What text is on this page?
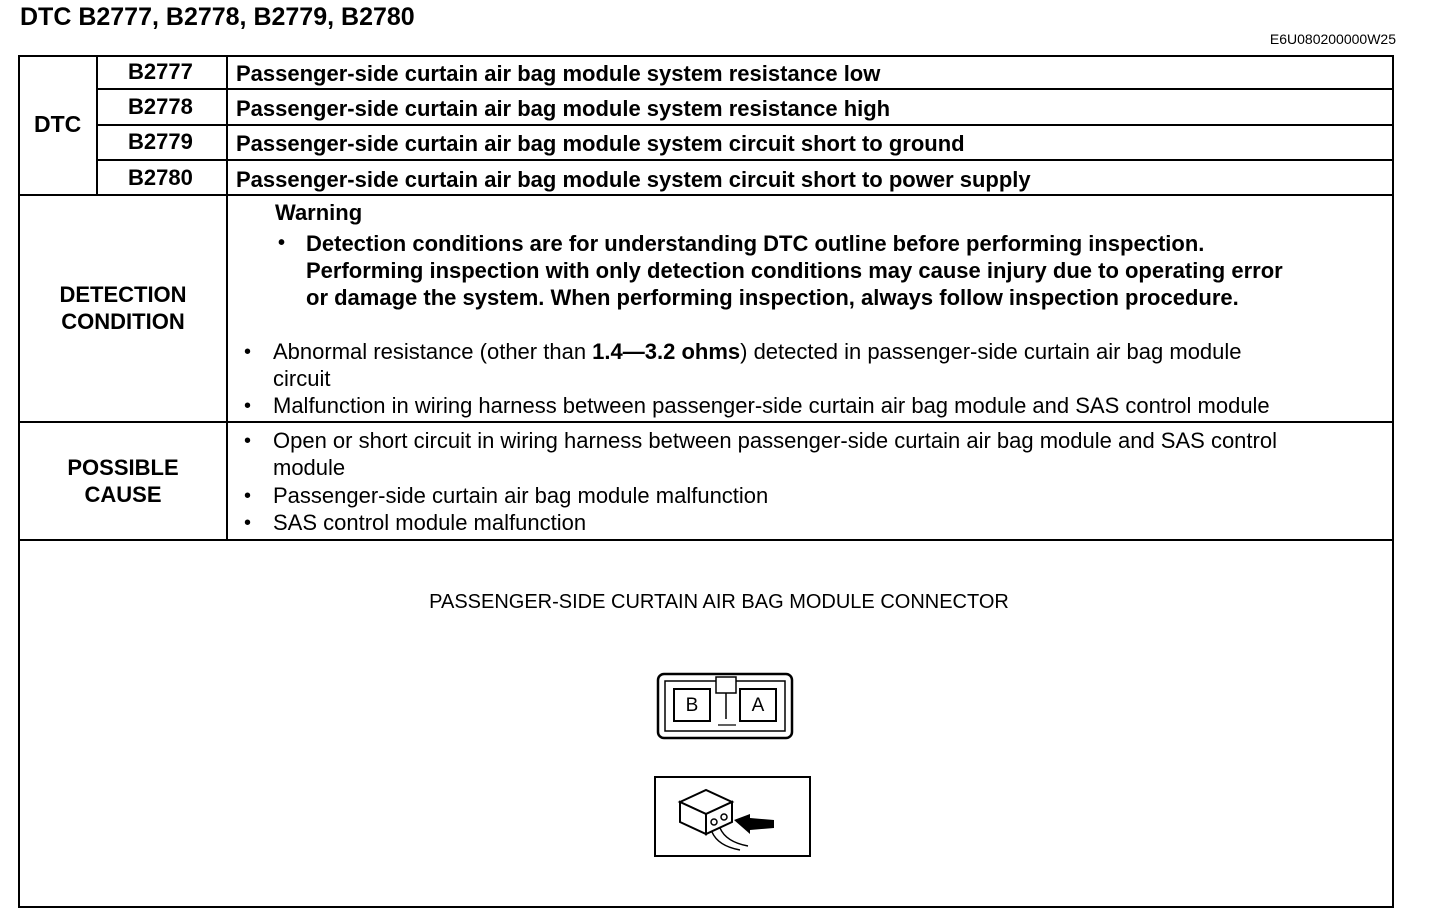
DTC B2777, B2778, B2779, B2780
E6U080200000W25
DTC
B2777 Passenger-side curtain air bag module system resistance low
B2778 Passenger-side curtain air bag module system resistance high
B2779 Passenger-side curtain air bag module system circuit short to ground
B2780 Passenger-side curtain air bag module system circuit short to power supply
DETECTION
CONDITION
Warning
• Detection conditions are for understanding DTC outline before performing inspection.
Performing inspection with only detection conditions may cause injury due to operating error
or damage the system. When performing inspection, always follow inspection procedure.
• Abnormal resistance (other than 1.4—3.2 ohms) detected in passenger-side curtain air bag module
circuit
• Malfunction in wiring harness between passenger-side curtain air bag module and SAS control module
POSSIBLE
CAUSE
• Open or short circuit in wiring harness between passenger-side curtain air bag module and SAS control
module
• Passenger-side curtain air bag module malfunction
• SAS control module malfunction
PASSENGER-SIDE CURTAIN AIR BAG MODULE CONNECTOR
B	A
